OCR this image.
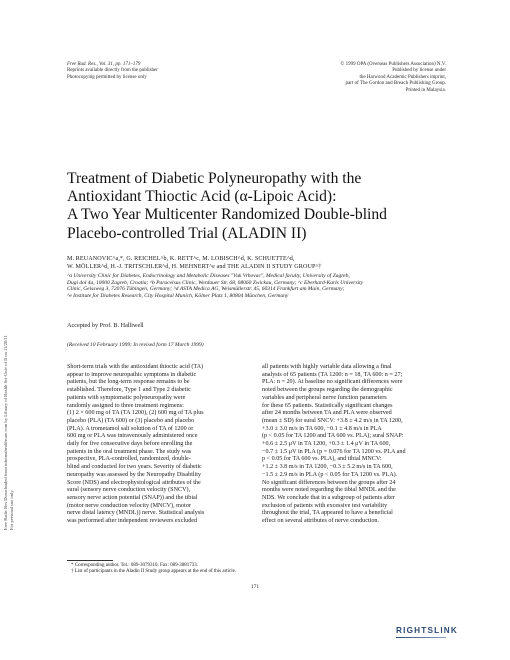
Free Radic Res Downloaded from informahealthcare.com by Library of Health Sci-Univ of Il on 11/20/11 For personal use only.
Free Rad. Res., Vol. 31, pp. 171–179
Reprints available directly from the publisher
Photocopying permitted by license only
© 1999 OPA (Overseas Publishers Association) N.V.
Published by license under
the Harwood Academic Publishers imprint,
part of The Gordon and Breach Publishing Group.
Printed in Malaysia.
Treatment of Diabetic Polyneuropathy with the
Antioxidant Thioctic Acid (α-Lipoic Acid):
A Two Year Multicenter Randomized Double-blind
Placebo-controlled Trial (ALADIN II)
M. REUANOVIC^a,*, G. REICHEL^b, K. RETT^c, M. LOBISCH^d, K. SCHUETTE^d,
W. MÖLLER^d, H.-J. TRITSCHLER^d, H. MEHNERT^e and THE ALADIN II STUDY GROUP^†
^a University Clinic for Diabetes, Endocrinology and Metabolic Diseases "Vuk Vrhovac", Medical faculty, University of Zagreb,
Dugi dol 4a, 10000 Zagreb, Croatia; ^b Paracelsus Clinic, Werdauer Str. 68, 08060 Zwickau, Germany; ^c Eberhard-Karls University
Clinic, Geissweg 3, 72076 Tübingen, Germany; ^d ASTA Medica AG, Weismüllerstr. 45, 60314 Frankfurt am Main, Germany;
^e Institute for Diabetes Research, City Hospital Munich, Kölner Platz 1, 80804 München, Germany
Accepted by Prof. B. Halliwell
(Received 10 February 1999; In revised form 17 March 1999)
Short-term trials with the antioxidant thioctic acid (TA)
appear to improve neuropathic symptoms in diabetic
patients, but the long-term response remains to be
established. Therefore, Type 1 and Type 2 diabetic
patients with symptomatic polyneuropathy were
randomly assigned to three treatment regimens:
(1) 2 × 600 mg of TA (TA 1200), (2) 600 mg of TA plus
placebo (PLA) (TA 600) or (3) placebo and placebo
(PLA). A trometamol salt solution of TA of 1200 or
600 mg or PLA was intravenously administered once
daily for five consecutive days before enrolling the
patients in the oral treatment phase. The study was
prospective, PLA-controlled, randomized, double-
blind and conducted for two years. Severity of diabetic
neuropathy was assessed by the Neuropathy Disability
Score (NDS) and electrophysiological attributes of the
sural (sensory nerve conduction velocity (SNCV),
sensory nerve action potential (SNAP)) and the tibial
(motor nerve conduction velocity (MNCV), motor
nerve distal latency (MNDL)) nerve. Statistical analysis
was performed after independent reviewers excluded
all patients with highly variable data allowing a final
analysis of 65 patients (TA 1200: n = 18, TA 600: n = 27;
PLA: n = 20). At baseline no significant differences were
noted between the groups regarding the demographic
variables and peripheral nerve function parameters
for these 65 patients. Statistically significant changes
after 24 months between TA and PLA were observed
(mean ± SD) for sural SNCV: +3.8 ± 4.2 m/s in TA 1200,
+3.0 ± 3.0 m/s in TA 600, −0.1 ± 4.8 m/s in PLA
(p < 0.05 for TA 1200 and TA 600 vs. PLA); sural SNAP:
+0.6 ± 2.5 μV in TA 1200, +0.3 ± 1.4 μV in TA 600,
−0.7 ± 1.5 μV in PLA (p = 0.076 for TA 1200 vs. PLA and
p < 0.05 for TA 600 vs. PLA), and tibial MNCV:
+1.2 ± 3.8 m/s in TA 1200, −0.3 ± 5.2 m/s in TA 600,
−1.5 ± 2.9 m/s in PLA (p < 0.05 for TA 1200 vs. PLA).
No significant differences between the groups after 24
months were noted regarding the tibial MNDL and the
NDS. We conclude that in a subgroup of patients after
exclusion of patients with excessive test variability
throughout the trial, TA appeared to have a beneficial
effect on several attributes of nerve conduction.
* Corresponding author. Tel.: 089-3079310. Fax: 089-3081733.
† List of participants in the Aladin II Study group appears at the end of this article.
171
RIGHTSLINK
